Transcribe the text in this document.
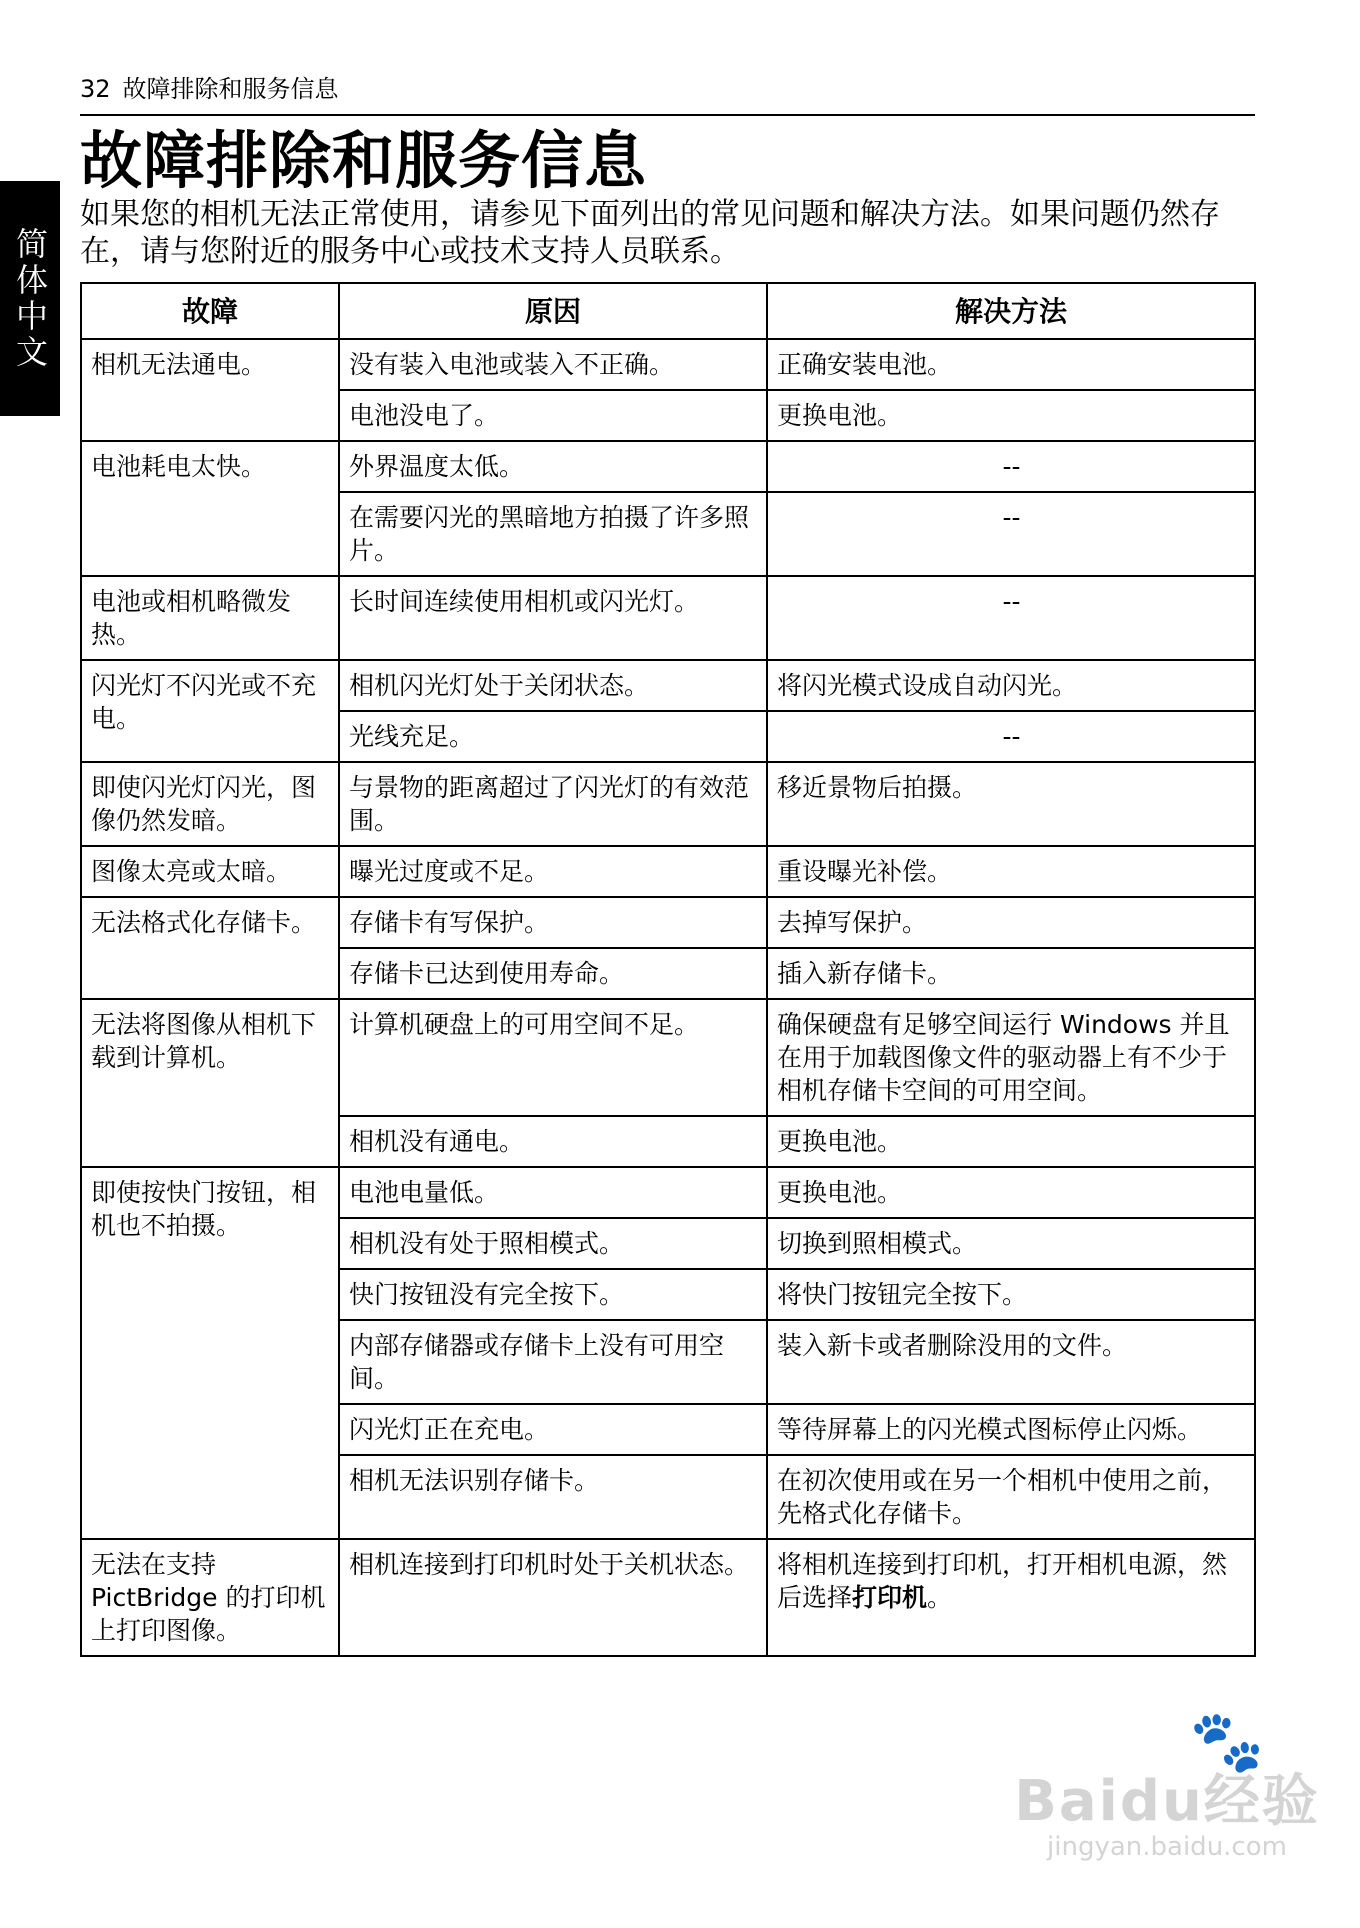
简体中文
32 故障排除和服务信息
故障排除和服务信息

如果您的相机无法正常使用，请参见下面列出的常见问题和解决方法。如果问题仍然存在，请与您附近的服务中心或技术支持人员联系。

故障	原因	解决方法
相机无法通电。	没有装入电池或装入不正确。	正确安装电池。
	电池没电了。	更换电池。
电池耗电太快。	外界温度太低。	--
	在需要闪光的黑暗地方拍摄了许多照片。	--
电池或相机略微发热。	长时间连续使用相机或闪光灯。	--
闪光灯不闪光或不充电。	相机闪光灯处于关闭状态。	将闪光模式设成自动闪光。
	光线充足。	--
即使闪光灯闪光，图像仍然发暗。	与景物的距离超过了闪光灯的有效范围。	移近景物后拍摄。
图像太亮或太暗。	曝光过度或不足。	重设曝光补偿。
无法格式化存储卡。	存储卡有写保护。	去掉写保护。
	存储卡已达到使用寿命。	插入新存储卡。
无法将图像从相机下载到计算机。	计算机硬盘上的可用空间不足。	确保硬盘有足够空间运行 Windows 并且在用于加载图像文件的驱动器上有不少于相机存储卡空间的可用空间。
	相机没有通电。	更换电池。
即使按快门按钮，相机也不拍摄。	电池电量低。	更换电池。
	相机没有处于照相模式。	切换到照相模式。
	快门按钮没有完全按下。	将快门按钮完全按下。
	内部存储器或存储卡上没有可用空间。	装入新卡或者删除没用的文件。
	闪光灯正在充电。	等待屏幕上的闪光模式图标停止闪烁。
	相机无法识别存储卡。	在初次使用或在另一个相机中使用之前，先格式化存储卡。
无法在支持 PictBridge 的打印机上打印图像。	相机连接到打印机时处于关机状态。	将相机连接到打印机，打开相机电源，然后选择打印机。
🐾
Baidu经验
jingyan.baidu.com
